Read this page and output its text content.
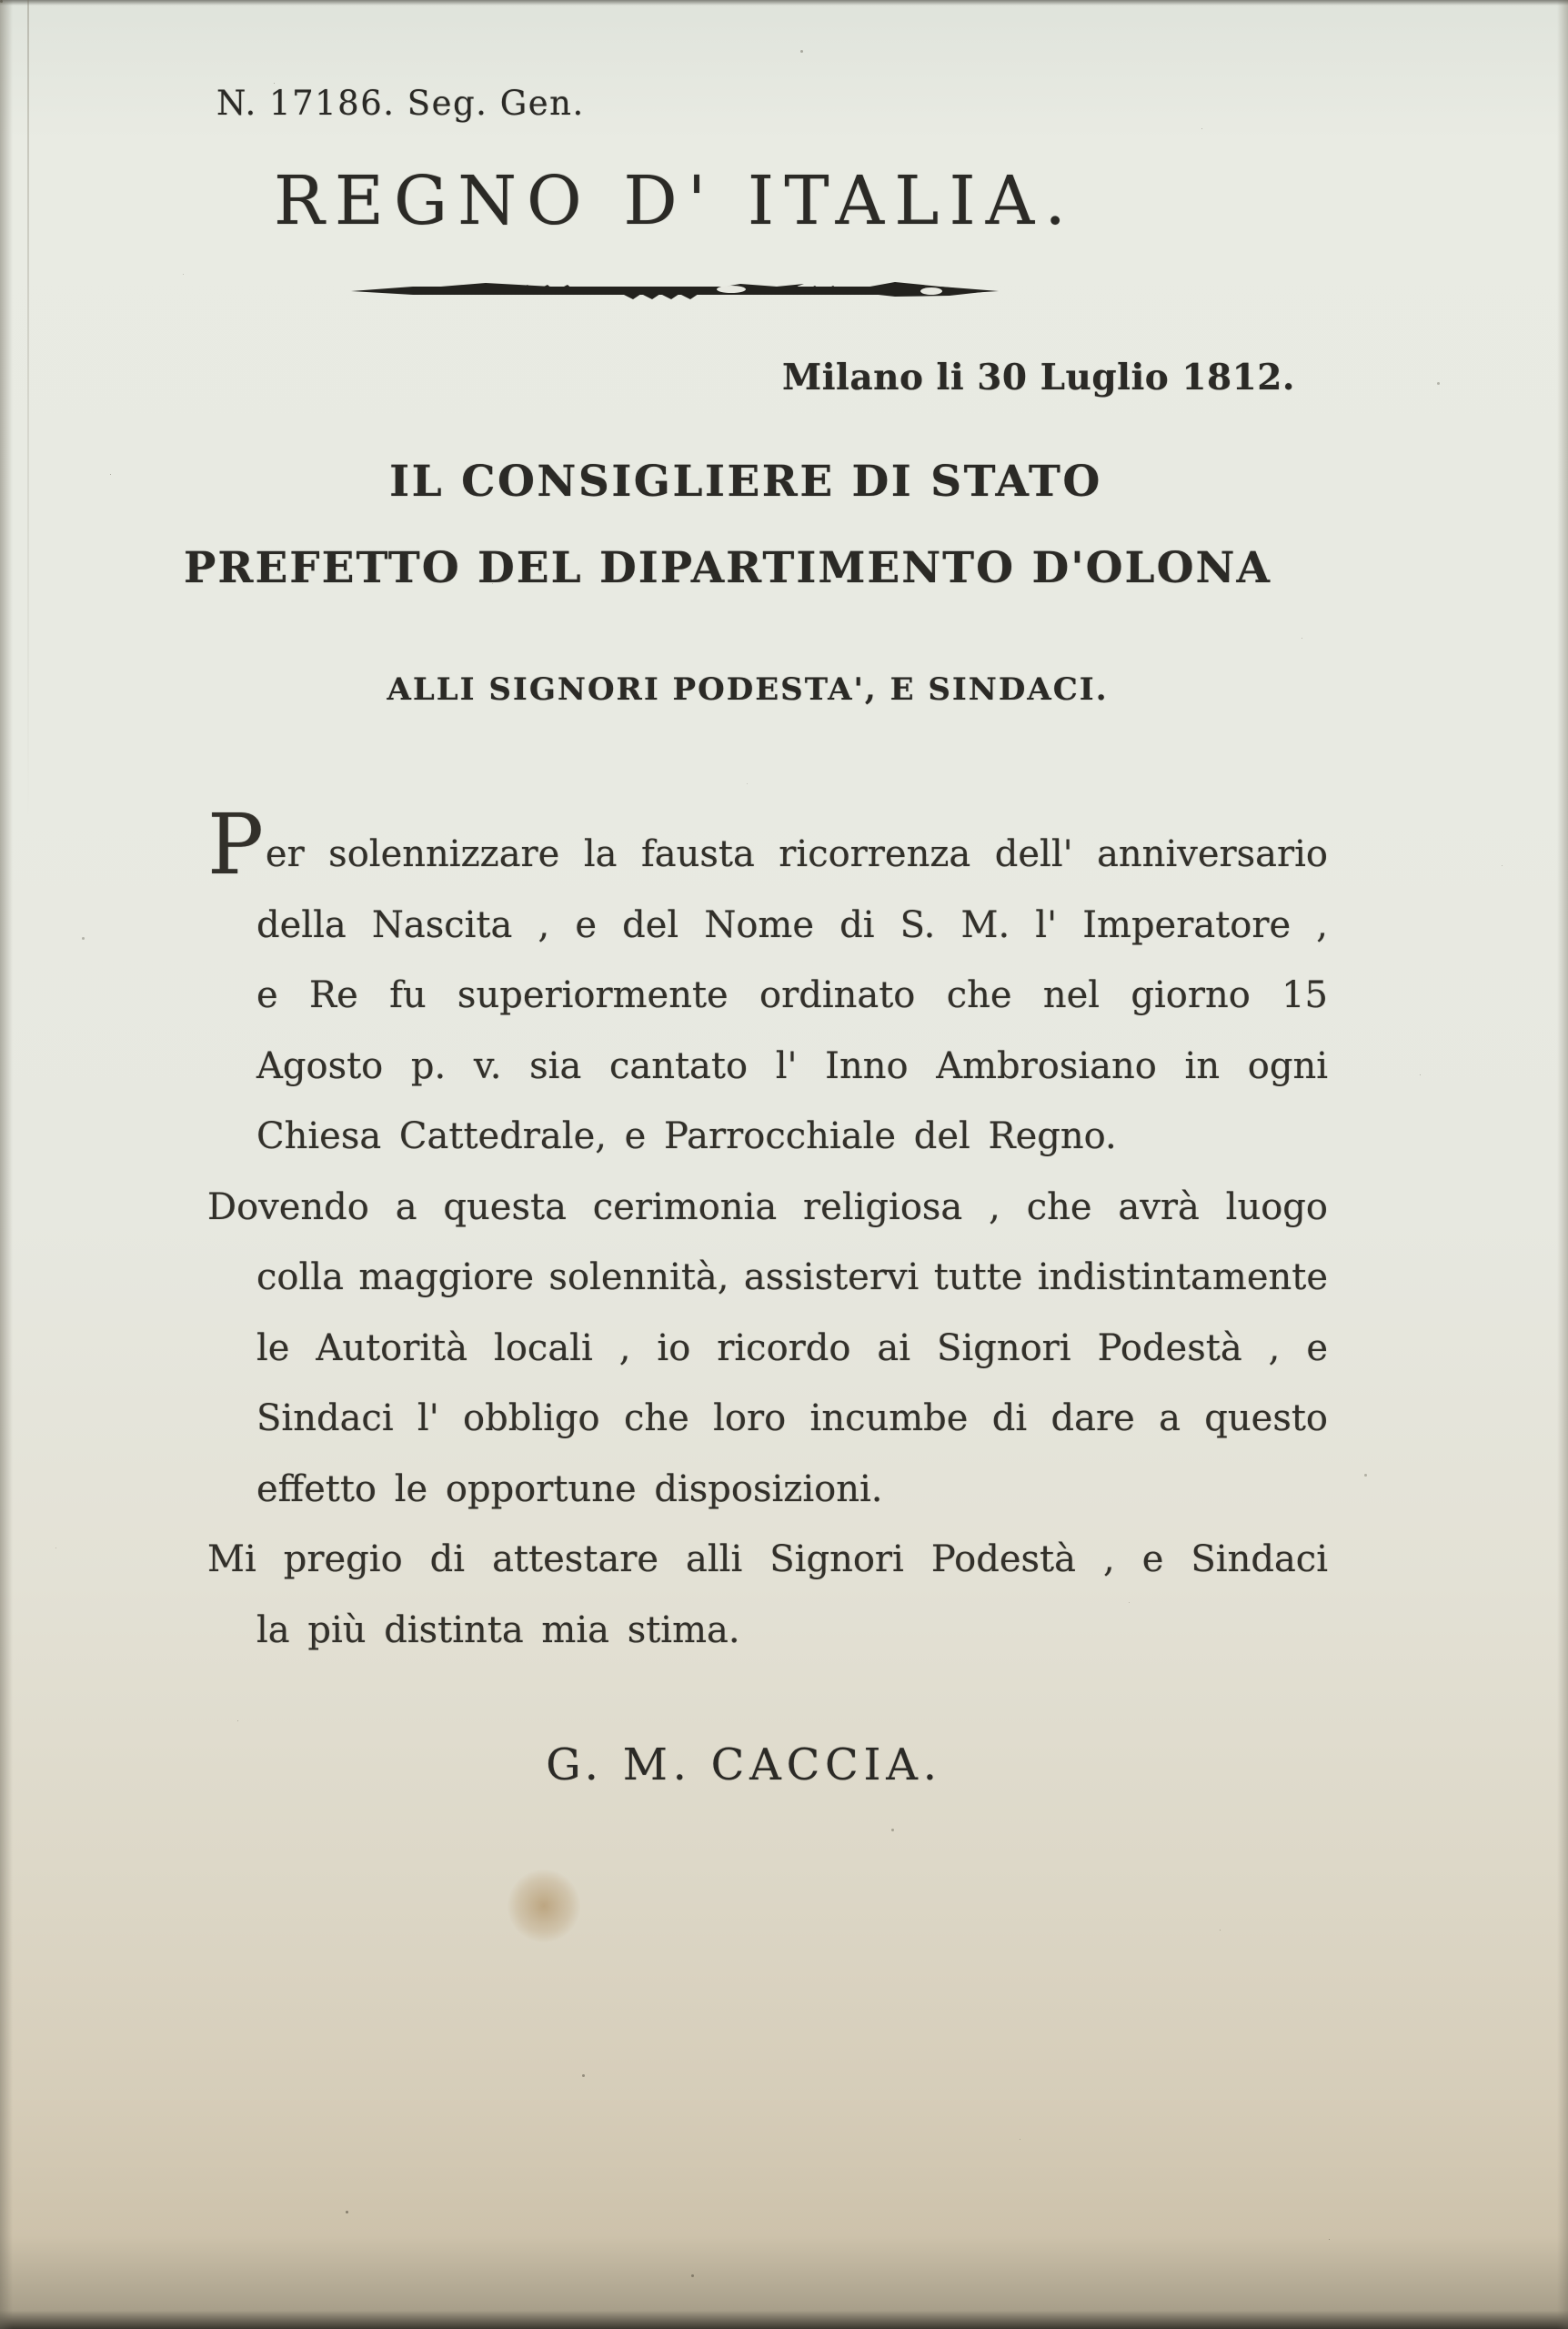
N. 17186. Seg. Gen.
REGNO D' ITALIA.
Milano li 30 Luglio 1812.
IL CONSIGLIERE DI STATO
PREFETTO DEL DIPARTIMENTO D'OLONA
ALLI SIGNORI PODESTA', E SINDACI.
Per solennizzare la fausta ricorrenza dell' anniversario
della Nascita , e del Nome di S. M. l' Imperatore ,
e Re fu superiormente ordinato che nel giorno 15
Agosto p. v. sia cantato l' Inno Ambrosiano in ogni
Chiesa Cattedrale, e Parrocchiale del Regno.
Dovendo a questa cerimonia religiosa , che avrà luogo
colla maggiore solennità, assistervi tutte indistintamente
le Autorità locali , io ricordo ai Signori Podestà , e
Sindaci l' obbligo che loro incumbe di dare a questo
effetto le opportune disposizioni.
Mi pregio di attestare alli Signori Podestà , e Sindaci
la più distinta mia stima.
G. M. CACCIA.
